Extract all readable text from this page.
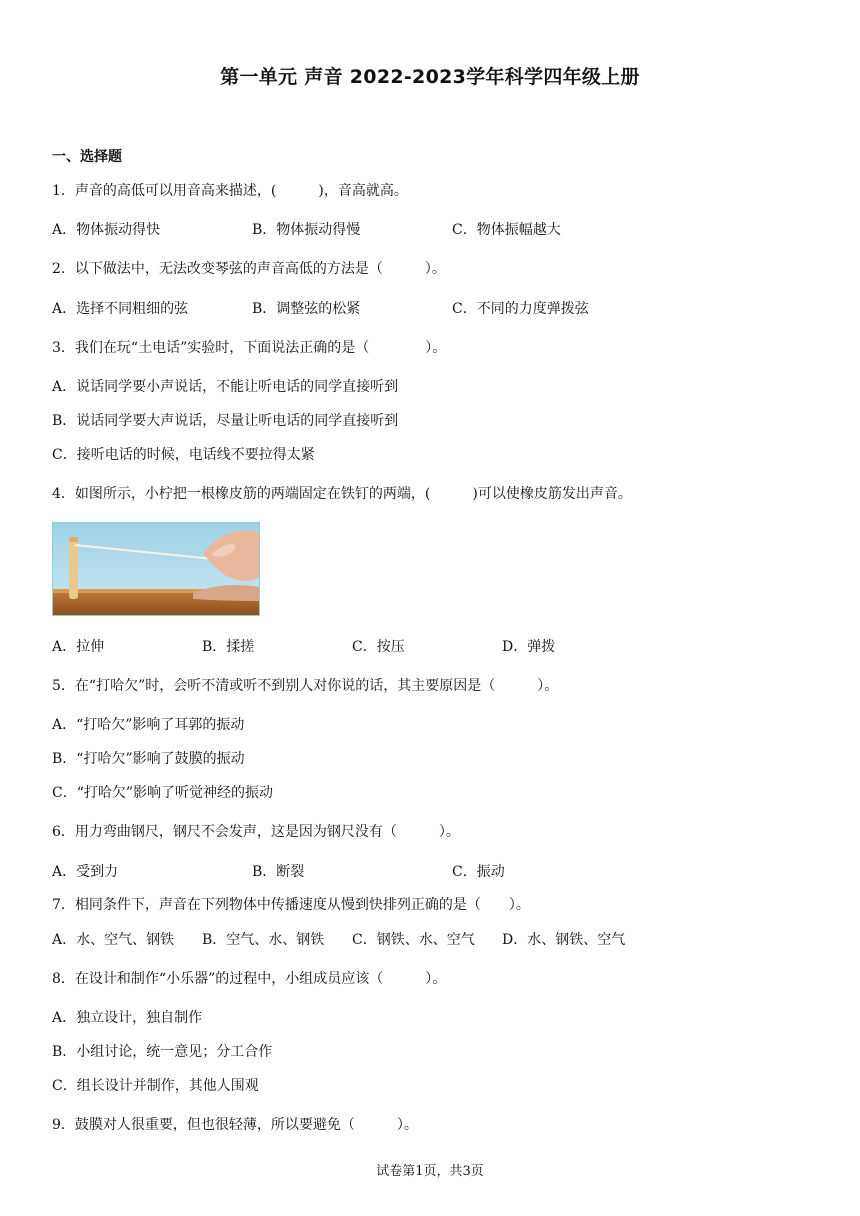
第一单元 声音 2022-2023学年科学四年级上册
一、选择题
1．声音的高低可以用音高来描述，(　　　)，音高就高。
A．物体振动得快	B．物体振动得慢	C．物体振幅越大
2．以下做法中，无法改变琴弦的声音高低的方法是（　　　）。
A．选择不同粗细的弦	B．调整弦的松紧	C．不同的力度弹拨弦
3．我们在玩“土电话”实验时，下面说法正确的是（　　　　）。
A．说话同学要小声说话，不能让听电话的同学直接听到
B．说话同学要大声说话，尽量让听电话的同学直接听到
C．接听电话的时候，电话线不要拉得太紧
4．如图所示，小柠把一根橡皮筋的两端固定在铁钉的两端，(　　　)可以使橡皮筋发出声音。
A．拉伸	B．揉搓	C．按压	D．弹拨
5．在“打哈欠”时，会听不清或听不到别人对你说的话，其主要原因是（　　　）。
A．“打哈欠”影响了耳郭的振动
B．“打哈欠”影响了鼓膜的振动
C．“打哈欠”影响了听觉神经的振动
6．用力弯曲钢尺，钢尺不会发声，这是因为钢尺没有（　　　）。
A．受到力	B．断裂	C．振动
7．相同条件下，声音在下列物体中传播速度从慢到快排列正确的是（　　）。
A．水、空气、钢铁 B．空气、水、钢铁 C．钢铁、水、空气 D．水、钢铁、空气
8．在设计和制作“小乐器”的过程中，小组成员应该（　　　）。
A．独立设计，独自制作
B．小组讨论，统一意见；分工合作
C．组长设计并制作，其他人围观
9．鼓膜对人很重要，但也很轻薄，所以要避免（　　　）。
试卷第1页，共3页
